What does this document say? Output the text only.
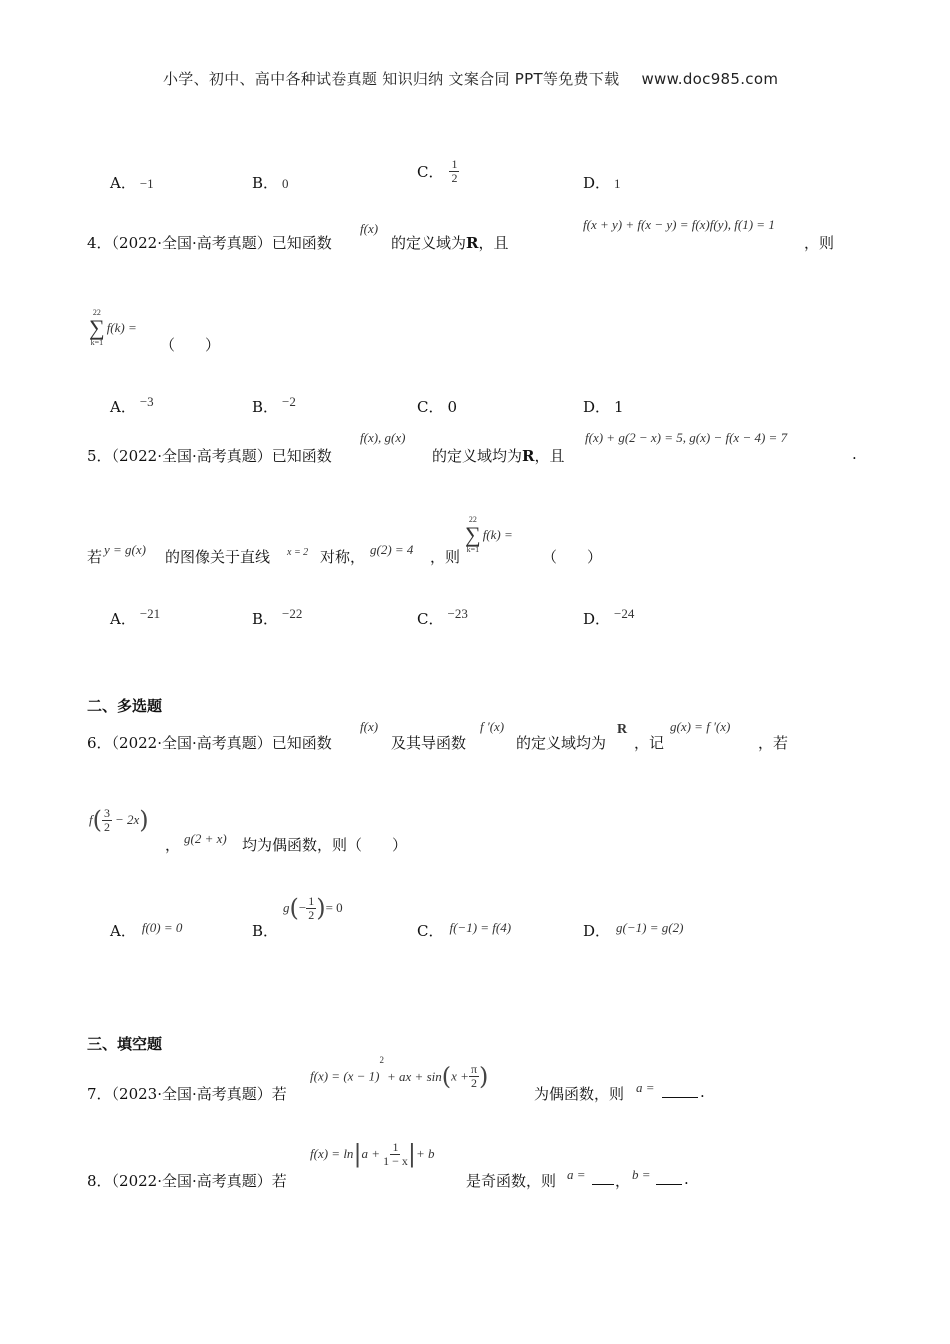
小学、初中、高中各种试卷真题 知识归纳 文案合同 PPT等免费下载 www.doc985.com
A． −1	B． 0
C． $\frac{1}{2}$	D． 1
4．（2022·全国·高考真题）已知函数
f(x)
的定义域为R，且
f(x + y) + f(x − y) = f(x)f(y), f(1) = 1
，则
22
∑
k=1
f(k) =
（　　）
A． −3	B． −2	C． 0	D． 1
5．（2022·全国·高考真题）已知函数
f(x), g(x)
的定义域均为R，且
f(x) + g(2 − x) = 5, g(x) − f(x − 4) = 7
.
若 y = g(x) 的图像关于直线 x = 2 对称， g(2) = 4 ，则
22
∑
k=1
f(k) =
（　　）
A． −21	B． −22	C． −23	D． −24
二、多选题
6．（2022·全国·高考真题）已知函数
f(x)
及其导函数
f ′(x)
的定义域均为
R
，记
g(x) = f ′(x)
，若
$f( \frac{3}{2} - 2x)$
， g(2 + x) 均为偶函数，则（　　）
A． f(0) = 0	B．
$g(- \frac{1}{2}$ )= 0
C． f(−1) = f(4)	D． g(−1) = g(2)
三、填空题
7．（2023·全国·高考真题）若
$f(x) = (x - 1)^2+$ ax + $\sin(x + \frac{\pi}{2}$ )
为偶函数，则 a =	.
8．（2022·全国·高考真题）若
$f(x) = \ln|a + \frac{1}{1 - x}$ |+ b
是奇函数，则 a = ， b = .
